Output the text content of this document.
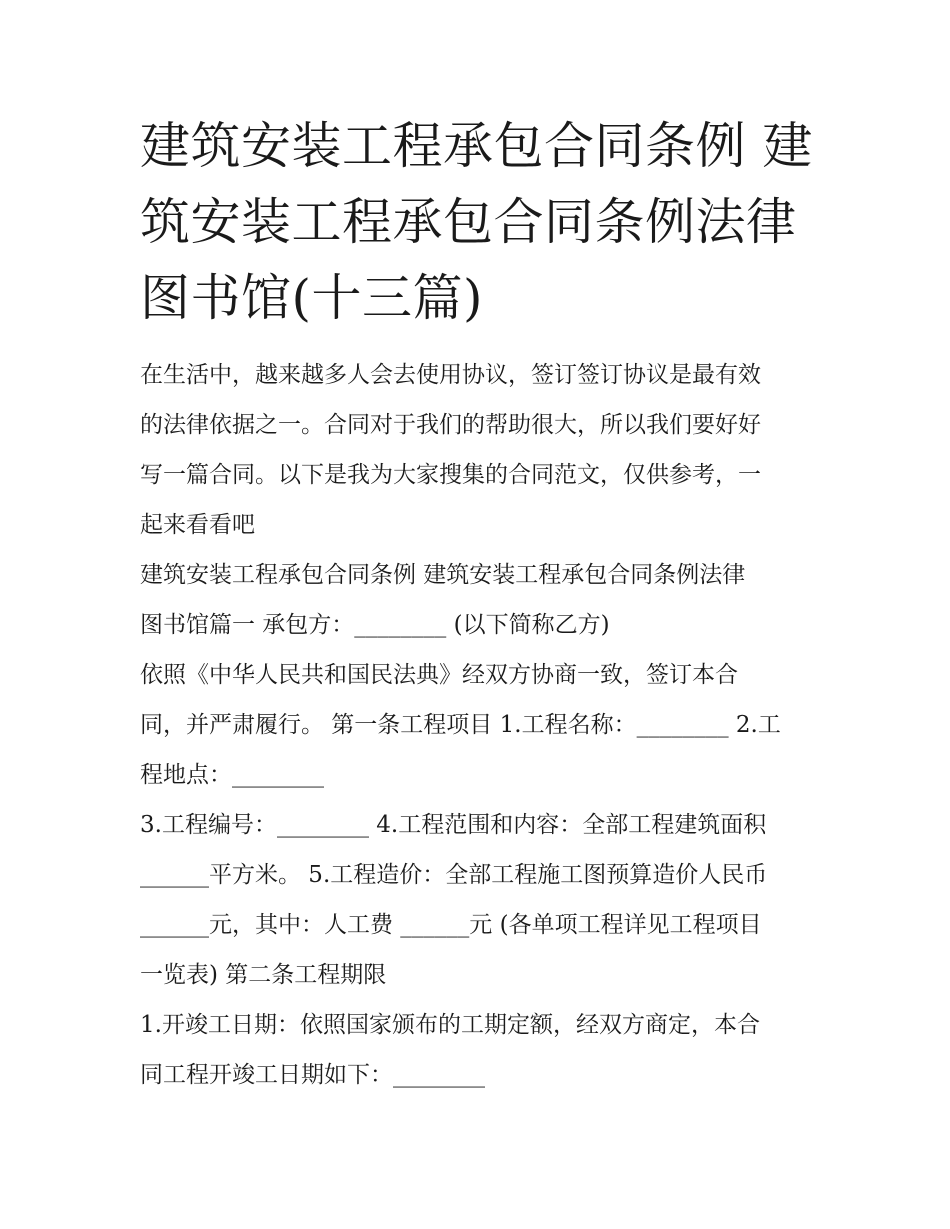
建筑安装工程承包合同条例 建
筑安装工程承包合同条例法律
图书馆(十三篇)
在生活中，越来越多人会去使用协议，签订签订协议是最有效
的法律依据之一。合同对于我们的帮助很大，所以我们要好好
写一篇合同。以下是我为大家搜集的合同范文，仅供参考，一
起来看看吧
建筑安装工程承包合同条例 建筑安装工程承包合同条例法律
图书馆篇一 承包方：________ (以下简称乙方)
依照《中华人民共和国民法典》经双方协商一致，签订本合
同，并严肃履行。 第一条工程项目 1.工程名称：________ 2.工
程地点：________
3.工程编号：________ 4.工程范围和内容：全部工程建筑面积
______平方米。 5.工程造价：全部工程施工图预算造价人民币
______元，其中：人工费 ______元 (各单项工程详见工程项目
一览表) 第二条工程期限
1.开竣工日期：依照国家颁布的工期定额，经双方商定，本合
同工程开竣工日期如下：________
